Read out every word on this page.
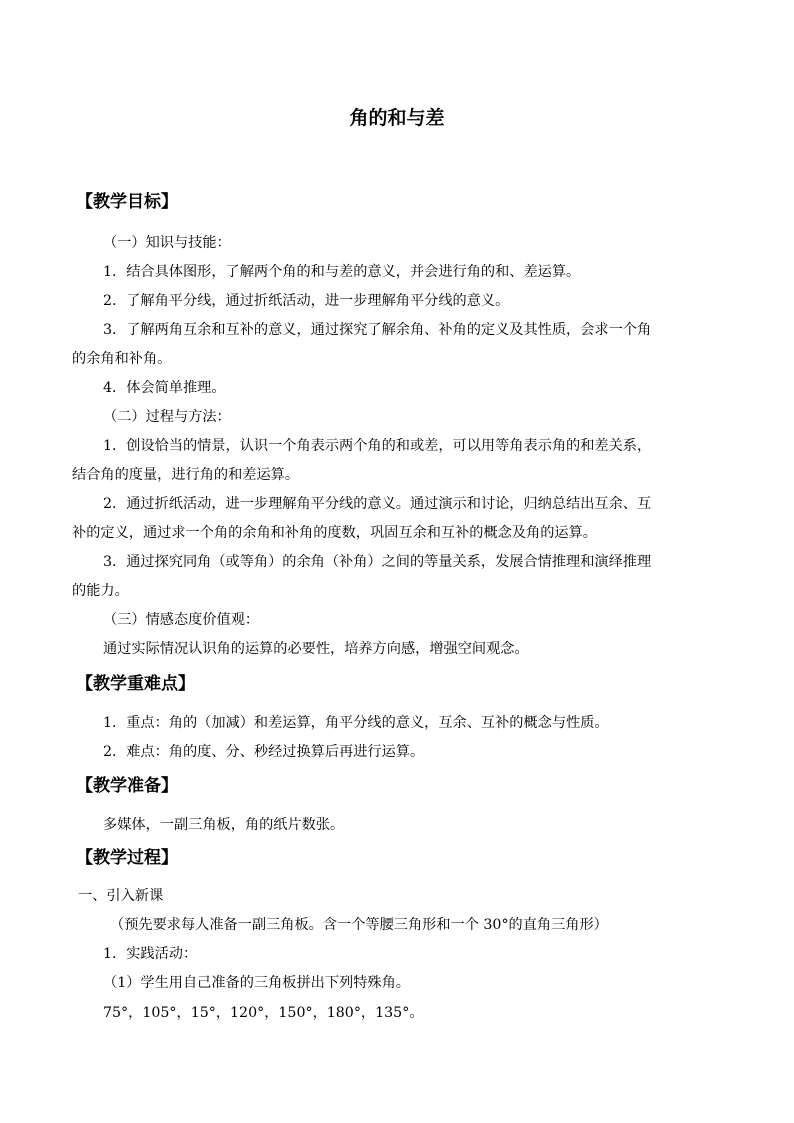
角的和与差
【教学目标】
（一）知识与技能：
1．结合具体图形，了解两个角的和与差的意义，并会进行角的和、差运算。
2．了解角平分线，通过折纸活动，进一步理解角平分线的意义。
3．了解两角互余和互补的意义，通过探究了解余角、补角的定义及其性质，会求一个角
的余角和补角。
4．体会简单推理。
（二）过程与方法：
1．创设恰当的情景，认识一个角表示两个角的和或差，可以用等角表示角的和差关系，
结合角的度量，进行角的和差运算。
2．通过折纸活动，进一步理解角平分线的意义。通过演示和讨论，归纳总结出互余、互
补的定义，通过求一个角的余角和补角的度数，巩固互余和互补的概念及角的运算。
3．通过探究同角（或等角）的余角（补角）之间的等量关系，发展合情推理和演绎推理
的能力。
（三）情感态度价值观：
通过实际情况认识角的运算的必要性，培养方向感，增强空间观念。
【教学重难点】
1．重点：角的（加减）和差运算，角平分线的意义，互余、互补的概念与性质。
2．难点：角的度、分、秒经过换算后再进行运算。
【教学准备】
多媒体，一副三角板，角的纸片数张。
【教学过程】
一、引入新课
（预先要求每人准备一副三角板。含一个等腰三角形和一个 30°的直角三角形）
1．实践活动：
（1）学生用自己准备的三角板拼出下列特殊角。
75°，105°，15°，120°，150°，180°，135°。
